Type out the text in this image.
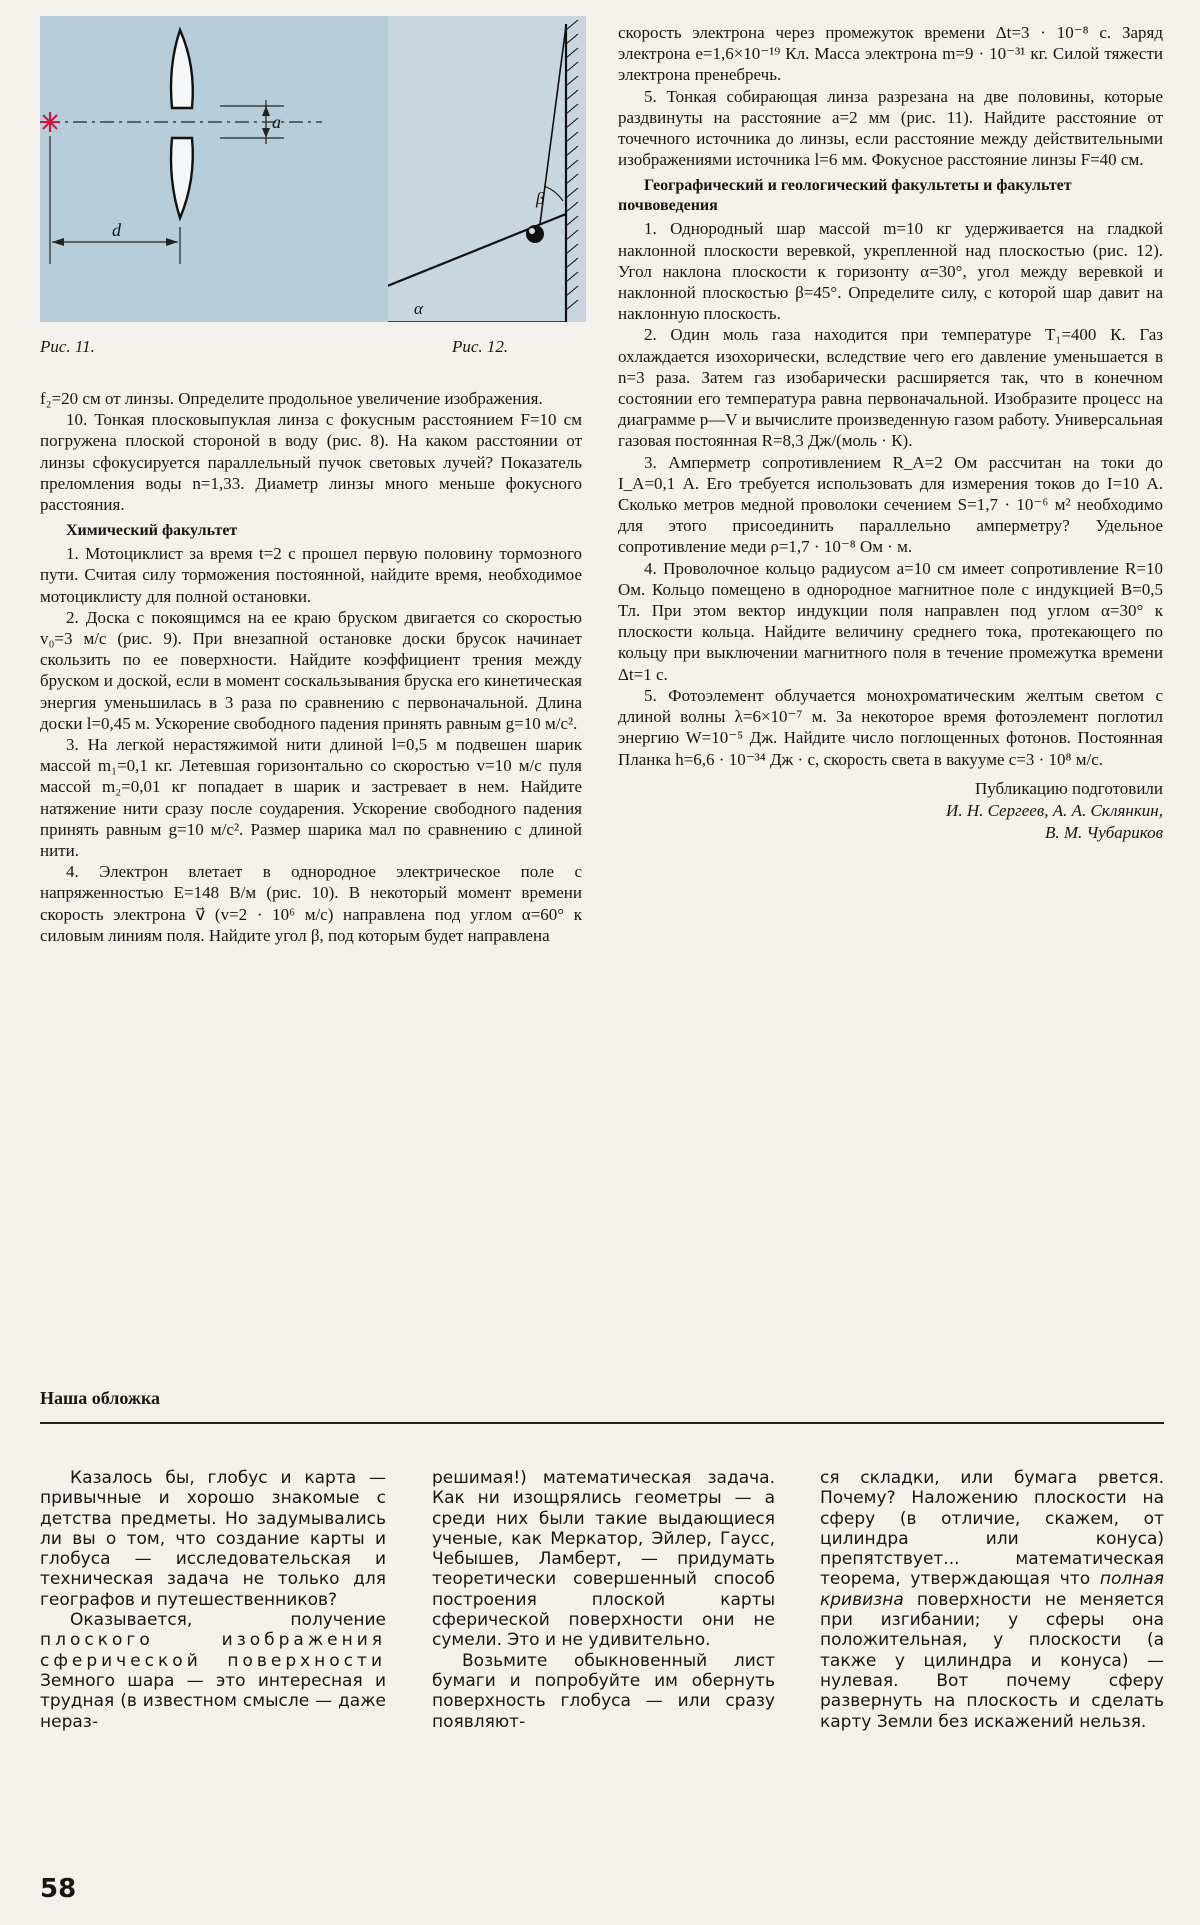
d
a
α
β
Рис. 11.	Рис. 12.

f₂=20 см от линзы. Определите продольное увеличение изображения.

10. Тонкая плосковыпуклая линза с фокусным расстоянием F=10 см погружена плоской стороной в воду (рис. 8). На каком расстоянии от линзы сфокусируется параллельный пучок световых лучей? Показатель преломления воды n=1,33. Диаметр линзы много меньше фокусного расстояния.

Химический факультет

1. Мотоциклист за время t=2 с прошел первую половину тормозного пути. Считая силу торможения постоянной, найдите время, необходимое мотоциклисту для полной остановки.

2. Доска с покоящимся на ее краю бруском двигается со скоростью v₀=3 м/с (рис. 9). При внезапной остановке доски брусок начинает скользить по ее поверхности. Найдите коэффициент трения между бруском и доской, если в момент соскальзывания бруска его кинетическая энергия уменьшилась в 3 раза по сравнению с первоначальной. Длина доски l=0,45 м. Ускорение свободного падения принять равным g=10 м/с².

3. На легкой нерастяжимой нити длиной l=0,5 м подвешен шарик массой m₁=0,1 кг. Летевшая горизонтально со скоростью v=10 м/с пуля массой m₂=0,01 кг попадает в шарик и застревает в нем. Найдите натяжение нити сразу после соударения. Ускорение свободного падения принять равным g=10 м/с². Размер шарика мал по сравнению с длиной нити.

4. Электрон влетает в однородное электрическое поле с напряженностью E=148 В/м (рис. 10). В некоторый момент времени скорость электрона v⃗ (v=2 · 10⁶ м/с) направлена под углом α=60° к силовым линиям поля. Найдите угол β, под которым будет направлена

скорость электрона через промежуток времени Δt=3 · 10⁻⁸ с. Заряд электрона e=1,6×10⁻¹⁹ Кл. Масса электрона m=9 · 10⁻³¹ кг. Силой тяжести электрона пренебречь.

5. Тонкая собирающая линза разрезана на две половины, которые раздвинуты на расстояние a=2 мм (рис. 11). Найдите расстояние от точечного источника до линзы, если расстояние между действительными изображениями источника l=6 мм. Фокусное расстояние линзы F=40 см.

Географический и геологический факультеты и факультет почвоведения

1. Однородный шар массой m=10 кг удерживается на гладкой наклонной плоскости веревкой, укрепленной над плоскостью (рис. 12). Угол наклона плоскости к горизонту α=30°, угол между веревкой и наклонной плоскостью β=45°. Определите силу, с которой шар давит на наклонную плоскость.

2. Один моль газа находится при температуре T₁=400 К. Газ охлаждается изохорически, вследствие чего его давление уменьшается в n=3 раза. Затем газ изобарически расширяется так, что в конечном состоянии его температура равна первоначальной. Изобразите процесс на диаграмме p—V и вычислите произведенную газом работу. Универсальная газовая постоянная R=8,3 Дж/(моль · К).

3. Амперметр сопротивлением R_A=2 Ом рассчитан на токи до I_A=0,1 А. Его требуется использовать для измерения токов до I=10 А. Сколько метров медной проволоки сечением S=1,7 · 10⁻⁶ м² необходимо для этого присоединить параллельно амперметру? Удельное сопротивление меди ρ=1,7 · 10⁻⁸ Ом · м.

4. Проволочное кольцо радиусом a=10 см имеет сопротивление R=10 Ом. Кольцо помещено в однородное магнитное поле с индукцией B=0,5 Тл. При этом вектор индукции поля направлен под углом α=30° к плоскости кольца. Найдите величину среднего тока, протекающего по кольцу при выключении магнитного поля в течение промежутка времени Δt=1 с.

5. Фотоэлемент облучается монохроматическим желтым светом с длиной волны λ=6×10⁻⁷ м. За некоторое время фотоэлемент поглотил энергию W=10⁻⁵ Дж. Найдите число поглощенных фотонов. Постоянная Планка h=6,6 · 10⁻³⁴ Дж · с, скорость света в вакууме c=3 · 10⁸ м/с.

Публикацию подготовили
И. Н. Сергеев, А. А. Склянкин,
В. М. Чубариков
Наша обложка

Казалось бы, глобус и карта — привычные и хорошо знакомые с детства предметы. Но задумывались ли вы о том, что создание карты и глобуса — исследовательская и техническая задача не только для географов и путешественников?

Оказывается, получение плоского изображения сферической поверхности Земного шара — это интересная и трудная (в известном смысле — даже нераз-

решимая!) математическая задача. Как ни изощрялись геометры — а среди них были такие выдающиеся ученые, как Меркатор, Эйлер, Гаусс, Чебышев, Ламберт, — придумать теоретически совершенный способ построения плоской карты сферической поверхности они не сумели. Это и не удивительно.

Возьмите обыкновенный лист бумаги и попробуйте им обернуть поверхность глобуса — или сразу появляют-

ся складки, или бумага рвется. Почему? Наложению плоскости на сферу (в отличие, скажем, от цилиндра или конуса) препятствует... математическая теорема, утверждающая что полная кривизна поверхности не меняется при изгибании; у сферы она положительная, у плоскости (а также у цилиндра и конуса) — нулевая. Вот почему сферу развернуть на плоскость и сделать карту Земли без искажений нельзя.

58
